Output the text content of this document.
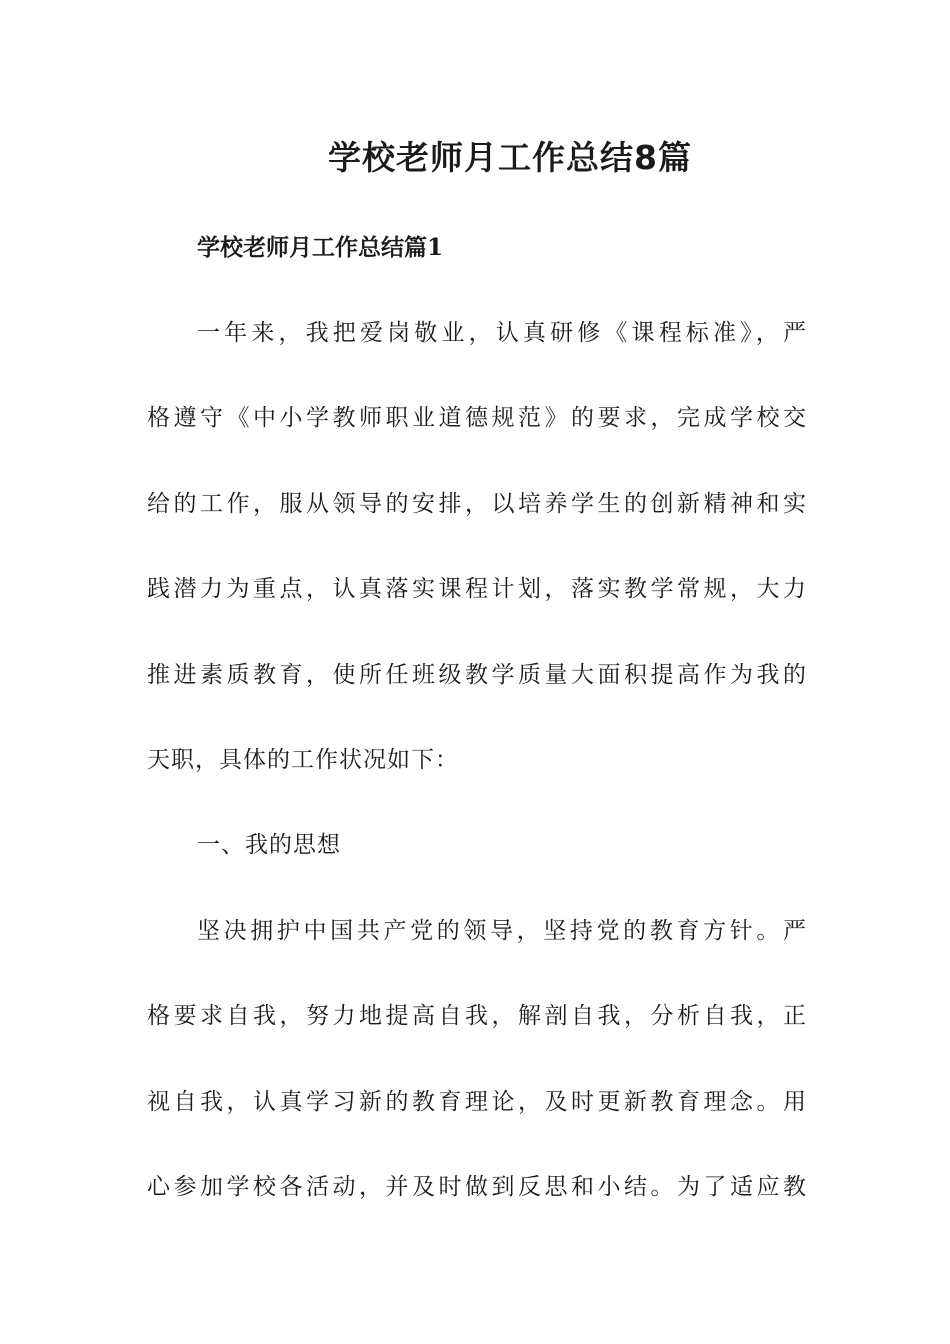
学校老师月工作总结8篇
学校老师月工作总结篇1

一年来，我把爱岗敬业，认真研修《课程标准》，严

格遵守《中小学教师职业道德规范》的要求，完成学校交

给的工作，服从领导的安排，以培养学生的创新精神和实

践潜力为重点，认真落实课程计划，落实教学常规，大力

推进素质教育，使所任班级教学质量大面积提高作为我的

天职，具体的工作状况如下：

一、我的思想

坚决拥护中国共产党的领导，坚持党的教育方针。严

格要求自我，努力地提高自我，解剖自我，分析自我，正

视自我，认真学习新的教育理论，及时更新教育理念。用

心参加学校各活动，并及时做到反思和小结。为了适应教
